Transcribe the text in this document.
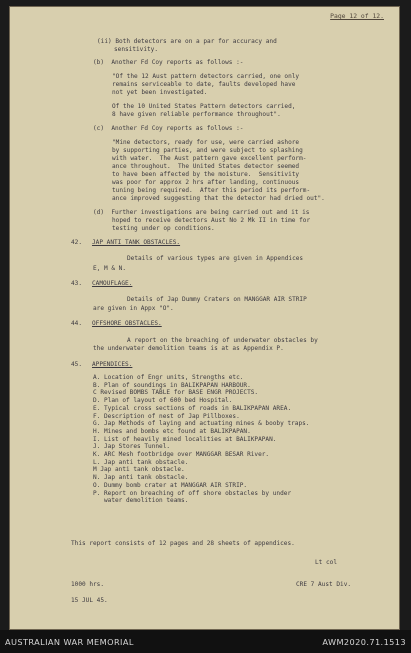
Page 12 of 12.
(ii) Both detectors are on a par for accuracy and
sensitivity.
(b)  Another Fd Coy reports as follows :-
"Of the 12 Aust pattern detectors carried, one only
remains serviceable to date, faults developed have
not yet been investigated.
Of the 10 United States Pattern detectors carried,
8 have given reliable performance throughout".
(c)  Another Fd Coy reports as follows :-
"Mine detectors, ready for use, were carried ashore
by supporting parties, and were subject to splashing
with water.  The Aust pattern gave excellent perform-
ance throughout.  The United States detector seemed
to have been affected by the moisture.  Sensitivity
was poor for approx 2 hrs after landing, continuous
tuning being required.  After this period its perform-
ance improved suggesting that the detector had dried out".
(d)  Further investigations are being carried out and it is
hoped to receive detectors Aust No 2 Mk II in time for
testing under op conditions.
42.
Details of various types are given in Appendices
E, M & N.
43.
Details of Jap Dummy Craters on MANGGAR AIR STRIP
are given in Appx "O".
44.
A report on the breaching of underwater obstacles by
the underwater demolition teams is at as Appendix P.
45.
JAP ANTI TANK OBSTACLES.
CAMOUFLAGE.
OFFSHORE OBSTACLES.
APPENDICES.
A. Location of Engr units, Strengths etc.
B. Plan of soundings in BALIKPAPAN HARBOUR.
C Revised BOMBS TABLE for BASE ENGR PROJECTS.
D. Plan of layout of 600 bed Hospital.
E. Typical cross sections of roads in BALIKPAPAN AREA.
F. Description of nest of Jap Pillboxes.
G. Jap Methods of laying and actuating mines & booby traps.
H. Mines and bombs etc found at BALIKPAPAN.
I. List of heavily mined localities at BALIKPAPAN.
J. Jap Stores Tunnel.
K. ARC Mesh footbridge over MANGGAR BESAR River.
L. Jap anti tank obstacle.
M Jap anti tank obstacle.
N. Jap anti tank obstacle.
O. Dummy bomb crater at MANGGAR AIR STRIP.
P. Report on breaching of off shore obstacles by under
water demolition teams.
This report consists of 12 pages and 28 sheets of appendices.
Lt col
1000 hrs.	CRE 7 Aust Div.
15 JUL 45.
AUSTRALIAN WAR MEMORIAL	AWM2020.71.1513
